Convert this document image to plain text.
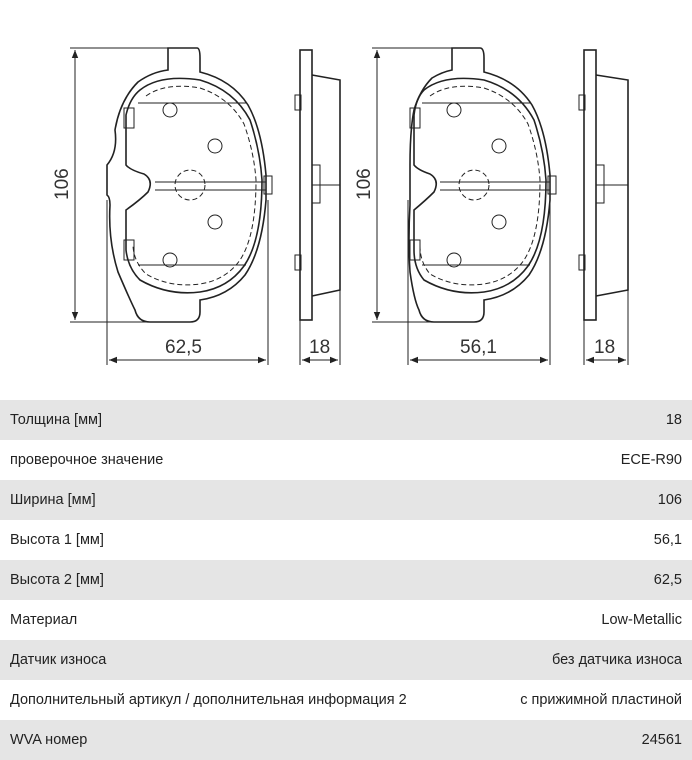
106
62,5	18
106
56,1	18
Толщина [мм]	18
проверочное значение	ECE-R90
Ширина [мм]	106
Высота 1 [мм]	56,1
Высота 2 [мм]	62,5
Материал	Low-Metallic
Датчик износа	без датчика износа
Дополнительный артикул / дополнительная информация 2	с прижимной пластиной
WVA номер	24561
